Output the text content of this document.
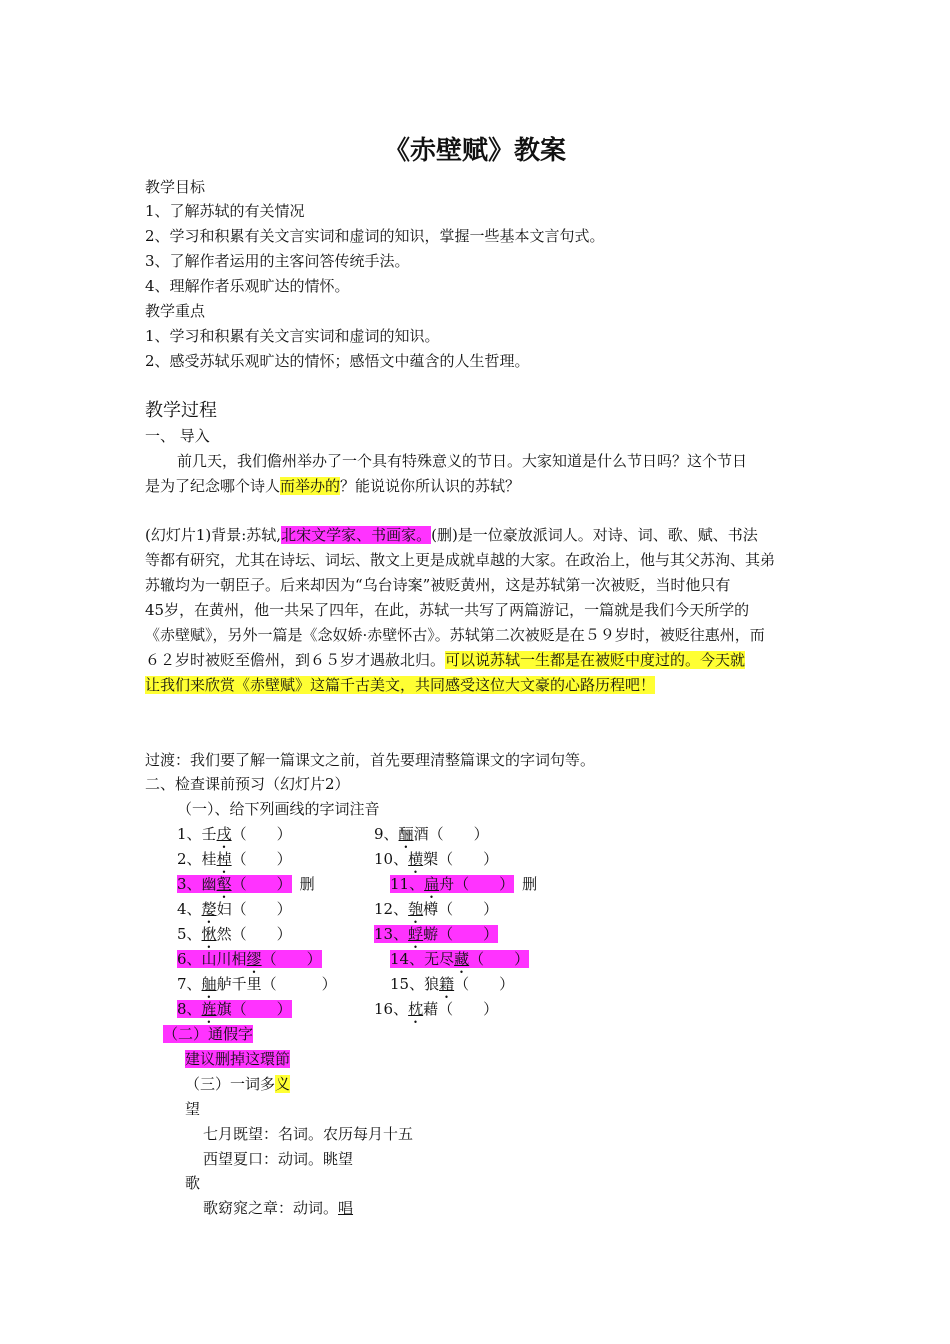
《赤壁赋》教案
教学目标
1、了解苏轼的有关情况
2、学习和积累有关文言实词和虚词的知识，掌握一些基本文言句式。
3、了解作者运用的主客问答传统手法。
4、理解作者乐观旷达的情怀。
教学重点
1、学习和积累有关文言实词和虚词的知识。
2、感受苏轼乐观旷达的情怀；感悟文中蕴含的人生哲理。
教学过程
一、 导入
前几天，我们儋州举办了一个具有特殊意义的节日。大家知道是什么节日吗？这个节日
是为了纪念哪个诗人而举办的？能说说你所认识的苏轼？
(幻灯片1)背景:苏轼,北宋文学家、书画家。(删)是一位豪放派词人。对诗、词、歌、赋、书法
等都有研究，尤其在诗坛、词坛、散文上更是成就卓越的大家。在政治上，他与其父苏洵、其弟
苏辙均为一朝臣子。后来却因为“乌台诗案”被贬黄州，这是苏轼第一次被贬，当时他只有
45岁，在黄州，他一共呆了四年，在此，苏轼一共写了两篇游记，一篇就是我们今天所学的
《赤壁赋》，另外一篇是《念奴娇·赤壁怀古》。苏轼第二次被贬是在５９岁时，被贬往惠州，而
６２岁时被贬至儋州，到６５岁才遇赦北归。可以说苏轼一生都是在被贬中度过的。今天就
让我们来欣赏《赤壁赋》这篇千古美文，共同感受这位大文豪的心路历程吧！
过渡：我们要了解一篇课文之前，首先要理清整篇课文的字词句等。
二、检查课前预习（幻灯片2）
（一）、给下列画线的字词注音
1、壬戌（　　）	9、酾酒（　　）
2、桂棹（　　）	10、横槊（　　）
3、幽壑（　　） 删	11、扁舟（　　） 删
4、嫠妇（　　）	12、匏樽（　　）
5、愀然（　　）	13、蜉蝣（　　）
6、山川相缪（　　）	14、无尽藏（　　）
7、舳舻千里（　　　）	15、狼籍（　　）
8、旌旗（　　）	16、枕藉（　　）
（二）通假字
建议删掉这環節
（三）一词多义
望
七月既望：名词。农历每月十五
西望夏口：动词。眺望
歌
歌窈窕之章：动词。唱
